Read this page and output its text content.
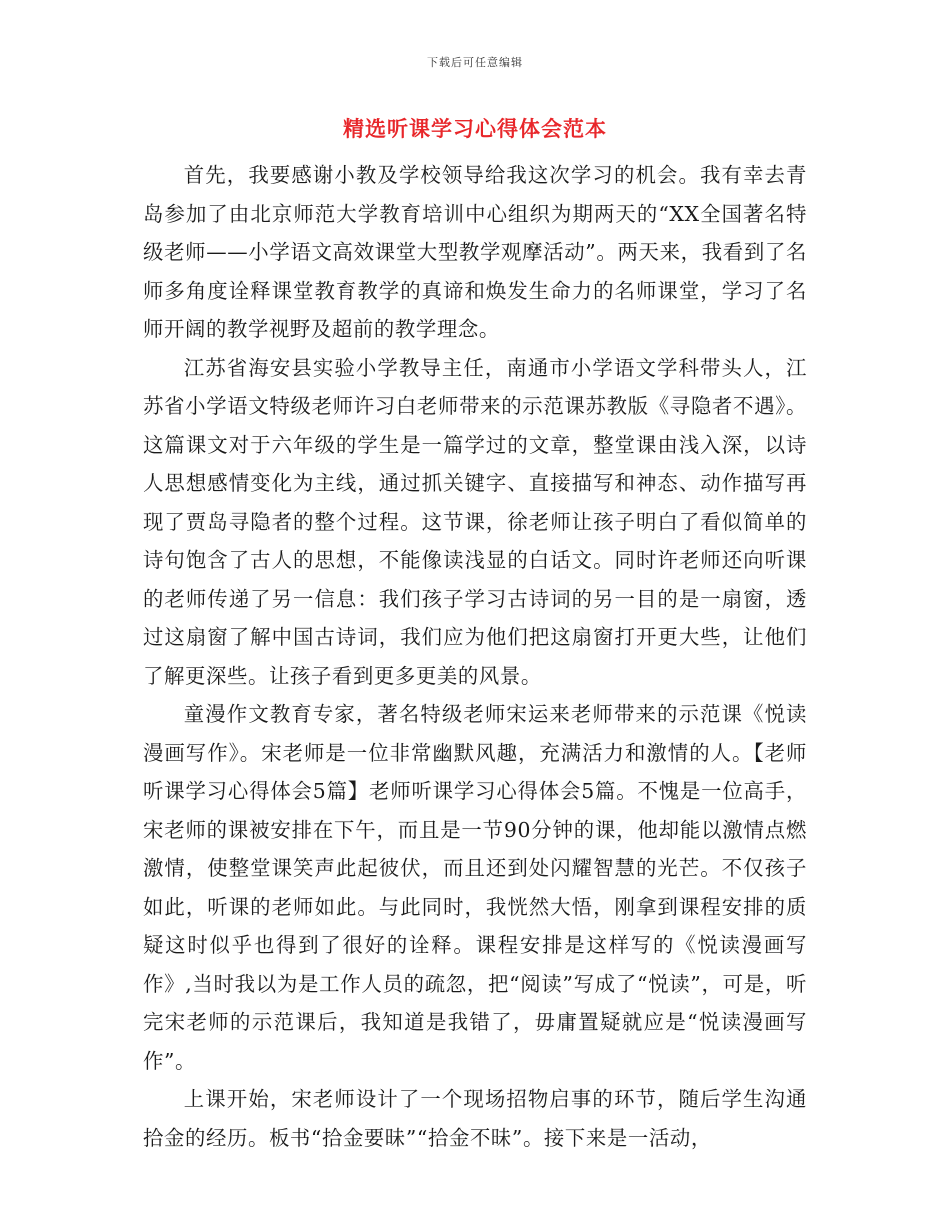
下载后可任意编辑
精选听课学习心得体会范本

首先，我要感谢小教及学校领导给我这次学习的机会。我有幸去青岛参加了由北京师范大学教育培训中心组织为期两天的“XX全国著名特级老师——小学语文高效课堂大型教学观摩活动”。两天来，我看到了名师多角度诠释课堂教育教学的真谛和焕发生命力的名师课堂，学习了名师开阔的教学视野及超前的教学理念。

江苏省海安县实验小学教导主任，南通市小学语文学科带头人，江苏省小学语文特级老师许习白老师带来的示范课苏教版《寻隐者不遇》。这篇课文对于六年级的学生是一篇学过的文章，整堂课由浅入深，以诗人思想感情变化为主线，通过抓关键字、直接描写和神态、动作描写再现了贾岛寻隐者的整个过程。这节课，徐老师让孩子明白了看似简单的诗句饱含了古人的思想，不能像读浅显的白话文。同时许老师还向听课的老师传递了另一信息：我们孩子学习古诗词的另一目的是一扇窗，透过这扇窗了解中国古诗词，我们应为他们把这扇窗打开更大些，让他们了解更深些。让孩子看到更多更美的风景。

童漫作文教育专家，著名特级老师宋运来老师带来的示范课《悦读漫画写作》。宋老师是一位非常幽默风趣，充满活力和激情的人。【老师听课学习心得体会5篇】老师听课学习心得体会5篇。不愧是一位高手，宋老师的课被安排在下午，而且是一节90分钟的课，他却能以激情点燃激情，使整堂课笑声此起彼伏，而且还到处闪耀智慧的光芒。不仅孩子如此，听课的老师如此。与此同时，我恍然大悟，刚拿到课程安排的质疑这时似乎也得到了很好的诠释。课程安排是这样写的《悦读漫画写作》,当时我以为是工作人员的疏忽，把“阅读”写成了“悦读”，可是，听完宋老师的示范课后，我知道是我错了，毋庸置疑就应是“悦读漫画写作”。

上课开始，宋老师设计了一个现场招物启事的环节，随后学生沟通拾金的经历。板书“拾金要昧”“拾金不昧”。接下来是一活动，
